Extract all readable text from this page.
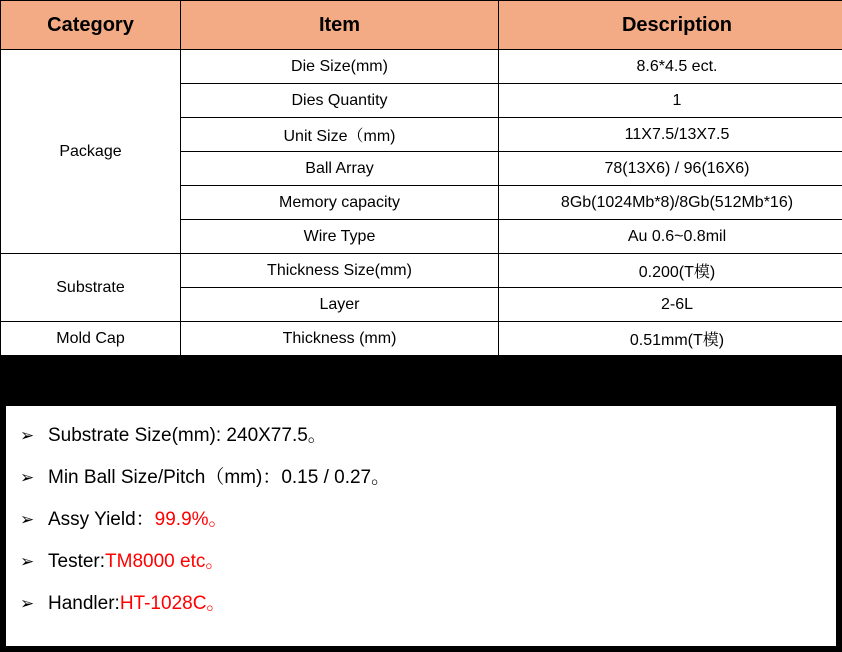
Category	Item	Description
Package	Die Size(mm)	8.6*4.5 ect.
	Dies Quantity	1
	Unit Size（mm)	11X7.5/13X7.5
	Ball Array	78(13X6) / 96(16X6)
	Memory capacity	8Gb(1024Mb*8)/8Gb(512Mb*16)
	Wire Type	Au 0.6~0.8mil
Substrate	Thickness Size(mm)	0.200(T模)
	Layer	2-6L
Mold Cap	Thickness (mm)	0.51mm(T模)
➢ Substrate Size(mm): 240X77.5。
➢ Min Ball Size/Pitch（mm)：0.15 / 0.27。
➢ Assy Yield：99.9%。
➢ Tester:TM8000 etc。
➢ Handler:HT-1028C。
